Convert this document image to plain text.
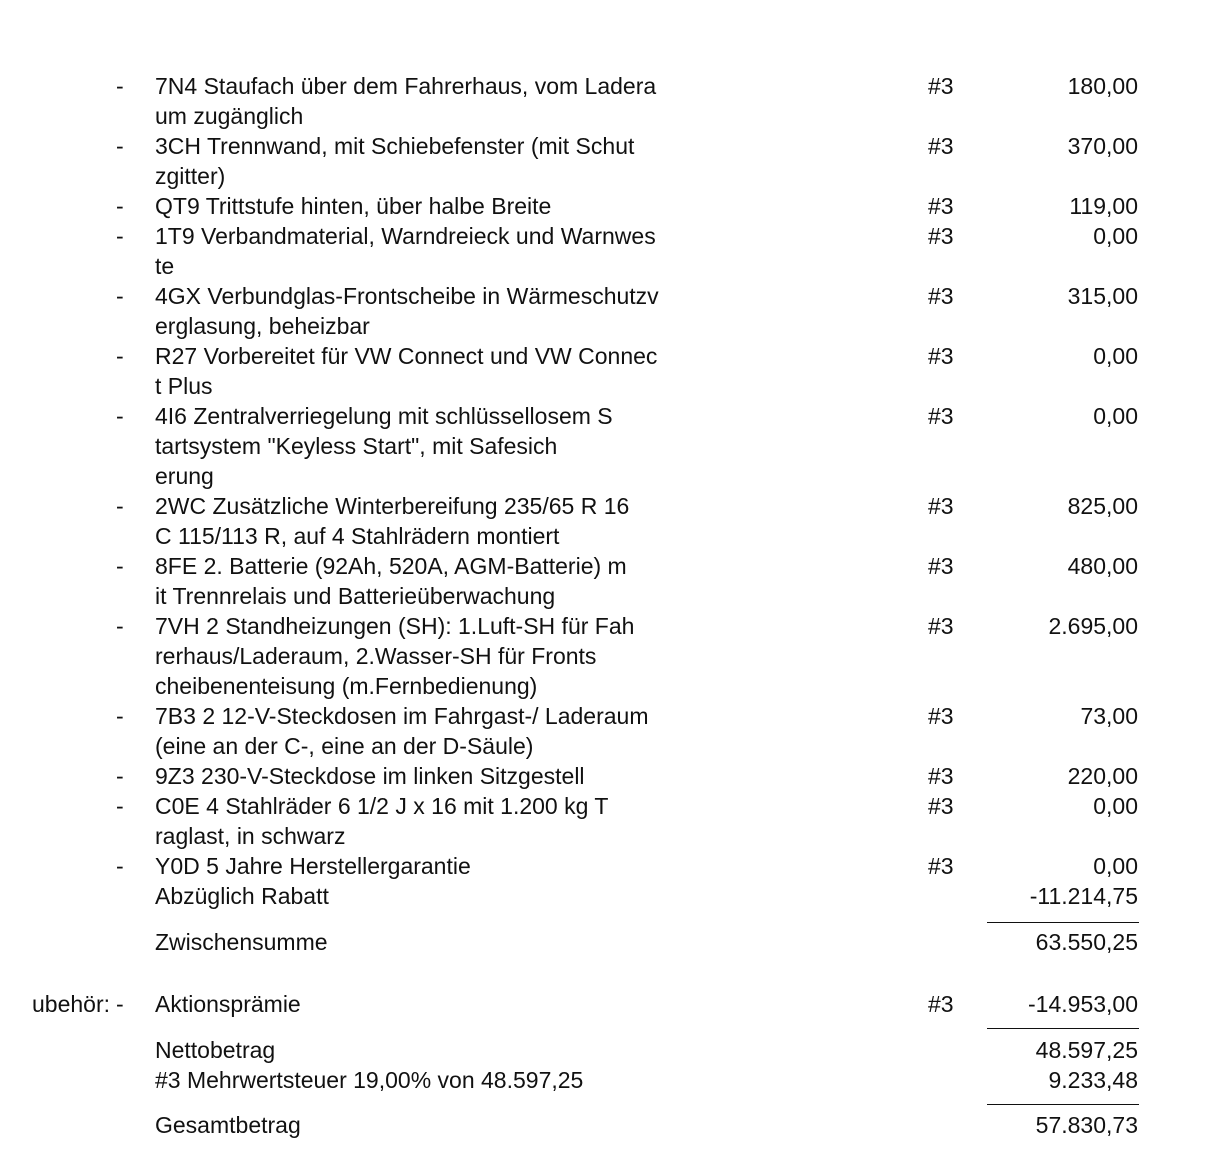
- 7N4 Staufach über dem Fahrerhaus, vom Ladera
um zugänglich
#3	180,00
- 3CH Trennwand, mit Schiebefenster (mit Schut
zgitter)
#3	370,00
- QT9 Trittstufe hinten, über halbe Breite	#3	119,00
- 1T9 Verbandmaterial, Warndreieck und Warnwes
te
#3	0,00
- 4GX Verbundglas-Frontscheibe in Wärmeschutzv
erglasung, beheizbar
#3	315,00
- R27 Vorbereitet für VW Connect und VW Connec
t Plus
#3	0,00
- 4I6 Zentralverriegelung mit schlüssellosem S
tartsystem "Keyless Start", mit Safesich
erung
#3	0,00
- 2WC Zusätzliche Winterbereifung 235/65 R 16
C 115/113 R, auf 4 Stahlrädern montiert
#3	825,00
- 8FE 2. Batterie (92Ah, 520A, AGM-Batterie) m
it Trennrelais und Batterieüberwachung
#3	480,00
- 7VH 2 Standheizungen (SH): 1.Luft-SH für Fah
rerhaus/Laderaum, 2.Wasser-SH für Fronts
cheibenenteisung (m.Fernbedienung)
#3	2.695,00
- 7B3 2 12-V-Steckdosen im Fahrgast-/ Laderaum
(eine an der C-, eine an der D-Säule)
#3	73,00
- 9Z3 230-V-Steckdose im linken Sitzgestell	#3	220,00
- C0E 4 Stahlräder 6 1/2 J x 16 mit 1.200 kg T
raglast, in schwarz
#3	0,00
- Y0D 5 Jahre Herstellergarantie	#3	0,00
Abzüglich Rabatt	-11.214,75
Zwischensumme	63.550,25
ubehör: - Aktionsprämie	#3	-14.953,00
Nettobetrag	48.597,25
#3 Mehrwertsteuer 19,00% von 48.597,25	9.233,48
Gesamtbetrag	57.830,73
